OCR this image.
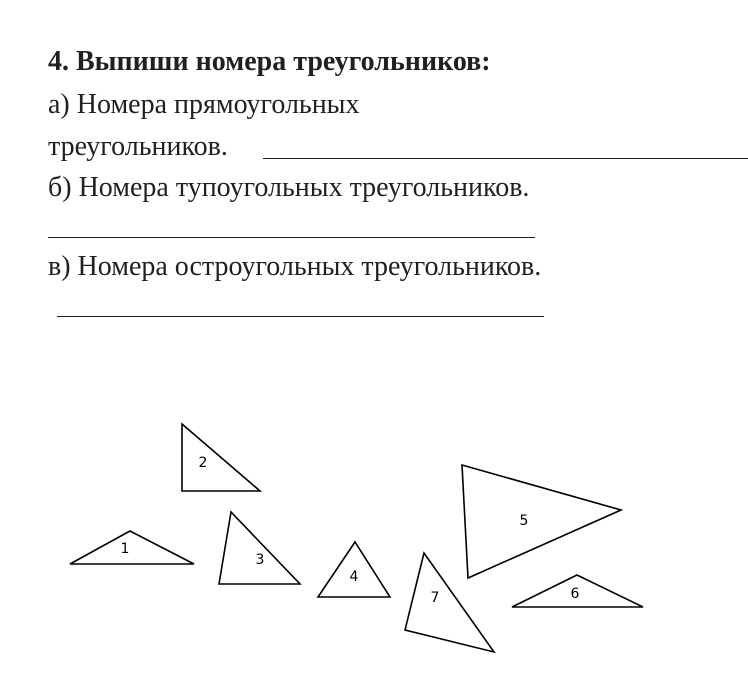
4. Выпиши номера треугольников:
а) Номера прямоугольных
треугольников.
б) Номера тупоугольных треугольников.
в) Номера остроугольных треугольников.
1
2
3
4
5
6
7
